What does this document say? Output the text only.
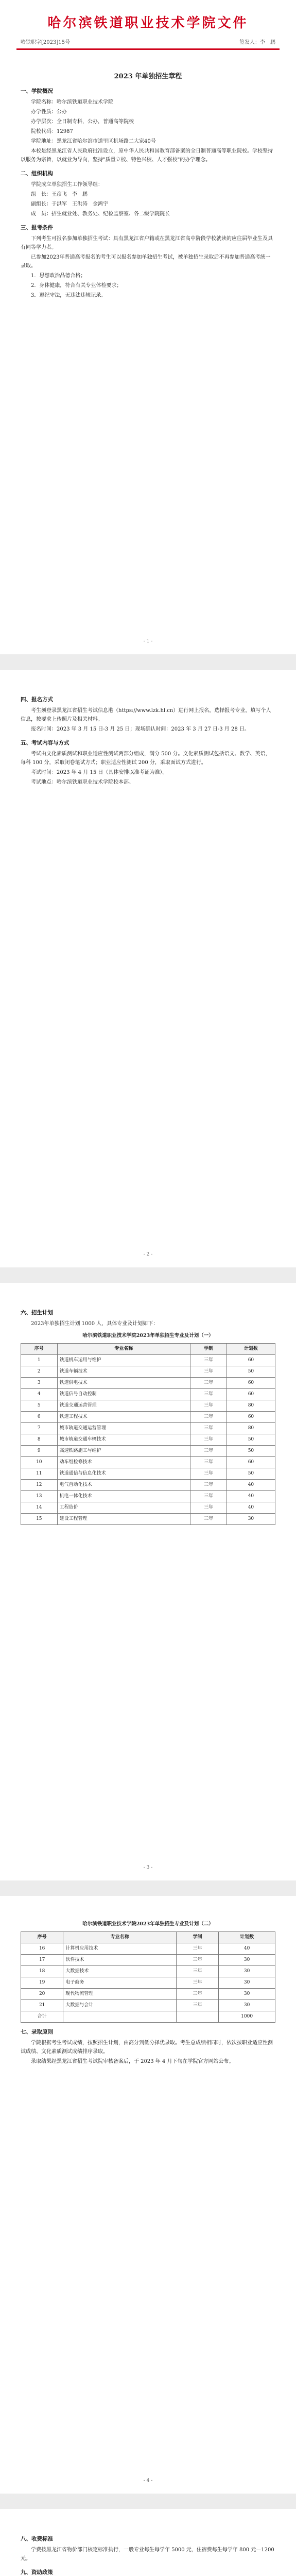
哈尔滨铁道职业技术学院文件
哈铁职字[2023]15号	签发人：李　鹏
2023 年单独招生章程
一、学院概况

学院名称：哈尔滨铁道职业技术学院

办学性质：公办

办学层次：全日制专科，公办，普通高等院校

院校代码：12987

学院地址：黑龙江省哈尔滨市道里区机场路二大家40号

本校是经黑龙江省人民政府批准设立，原中华人民共和国教育部备案的全日制普通高等职业院校。学校坚持以服务为宗旨，以就业为导向，坚持"质量立校、特色兴校、人才强校"的办学理念。

二、组织机构

学院成立单独招生工作领导组：

组　长：王彦飞　李　鹏

副组长：于洪军　王洪涛　金鸿宇

成　员：招生就业处、教务处、纪检监察室、各二级学院院长

三、报考条件

下列考生可报名参加单独招生考试：具有黑龙江省户籍或在黑龙江省高中阶段学校就读的应往届毕业生及具有同等学力者。

已参加2023年普通高考报名的考生可以报名参加单独招生考试，被单独招生录取后不再参加普通高考统一录取。

1．思想政治品德合格；

2．身体健康，符合有关专业体检要求；

3．遵纪守法，无违法违规记录。

- 1 -
四、报名方式

考生须登录黑龙江省招生考试信息港（https://www.lzk.hl.cn）进行网上报名，选择报考专业，填写个人信息，按要求上传照片及相关材料。

报名时间：2023 年 3 月 15 日-3 月 25 日；现场确认时间：2023 年 3 月 27 日-3 月 28 日。

五、考试内容与方式

考试由文化素质测试和职业适应性测试两部分组成，满分 500 分。文化素质测试包括语文、数学、英语，每科 100 分，采取闭卷笔试方式；职业适应性测试 200 分，采取面试方式进行。

考试时间：2023 年 4 月 15 日（具体安排以准考证为准）。

考试地点：哈尔滨铁道职业技术学院校本部。

- 2 -
六、招生计划

2023年单独招生计划 1000 人，具体专业及计划如下：

哈尔滨铁道职业技术学院2023年单独招生专业及计划（一）
序号	专业名称	学制	计划数
1	铁道机车运用与维护	三年	60
2	铁道车辆技术	三年	50
3	铁道供电技术	三年	60
4	铁道信号自动控制	三年	60
5	铁道交通运营管理	三年	80
6	铁道工程技术	三年	60
7	城市轨道交通运营管理	三年	80
8	城市轨道交通车辆技术	三年	50
9	高速铁路施工与维护	三年	50
10	动车组检修技术	三年	60
11	铁道通信与信息化技术	三年	50
12	电气自动化技术	三年	40
13	机电一体化技术	三年	40
14	工程造价	三年	40
15	建设工程管理	三年	30
- 3 -
哈尔滨铁道职业技术学院2023年单独招生专业及计划（二）
序号	专业名称	学制	计划数
16	计算机应用技术	三年	40
17	软件技术	三年	30
18	大数据技术	三年	30
19	电子商务	三年	30
20	现代物流管理	三年	30
21	大数据与会计	三年	30
合计			1000
七、录取原则

学院根据考生考试成绩，按照招生计划，由高分到低分择优录取。考生总成绩相同时，依次按职业适应性测试成绩、文化素质测试成绩排序录取。

录取结果经黑龙江省招生考试院审核备案后，于 2023 年 4 月下旬在学院官方网站公布。

- 4 -
八、收费标准

学费按黑龙江省物价部门核定标准执行，一般专业每生每学年 5000 元，住宿费每生每学年 800 元—1200 元。

九、资助政策
